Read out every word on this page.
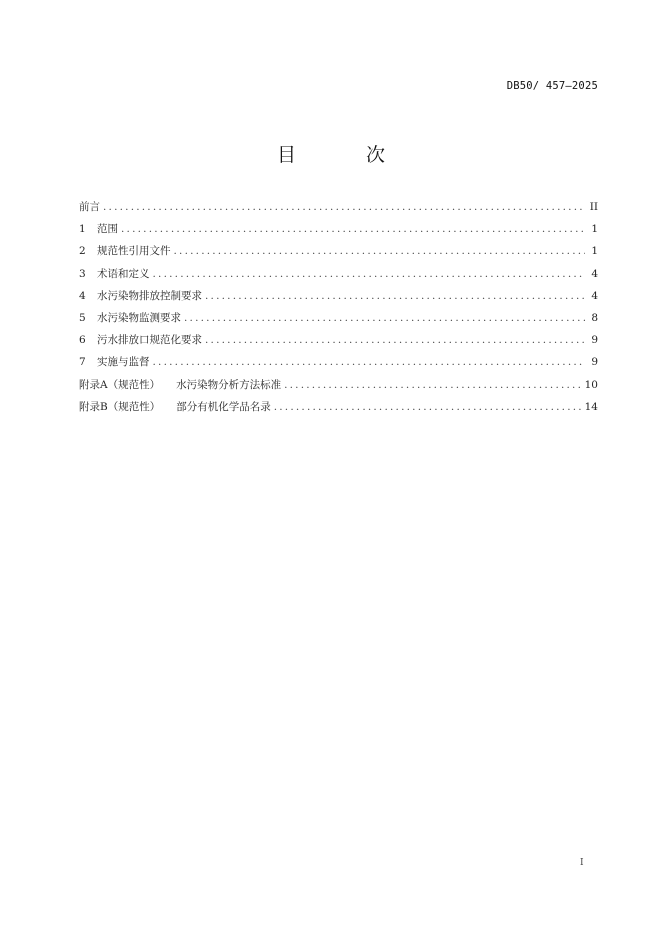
DB50/ 457—2025
目 次
前言 .....	II
1	范围 .....	1
2	规范性引用文件 .....	1
3	术语和定义 .....	4
4	水污染物排放控制要求 .....	4
5	水污染物监测要求 .....	8
6	污水排放口规范化要求 .....	9
7	实施与监督 .....	9
附录A（规范性） 水污染物分析方法标准 .....	10
附录B（规范性） 部分有机化学品名录 .....	14
I
